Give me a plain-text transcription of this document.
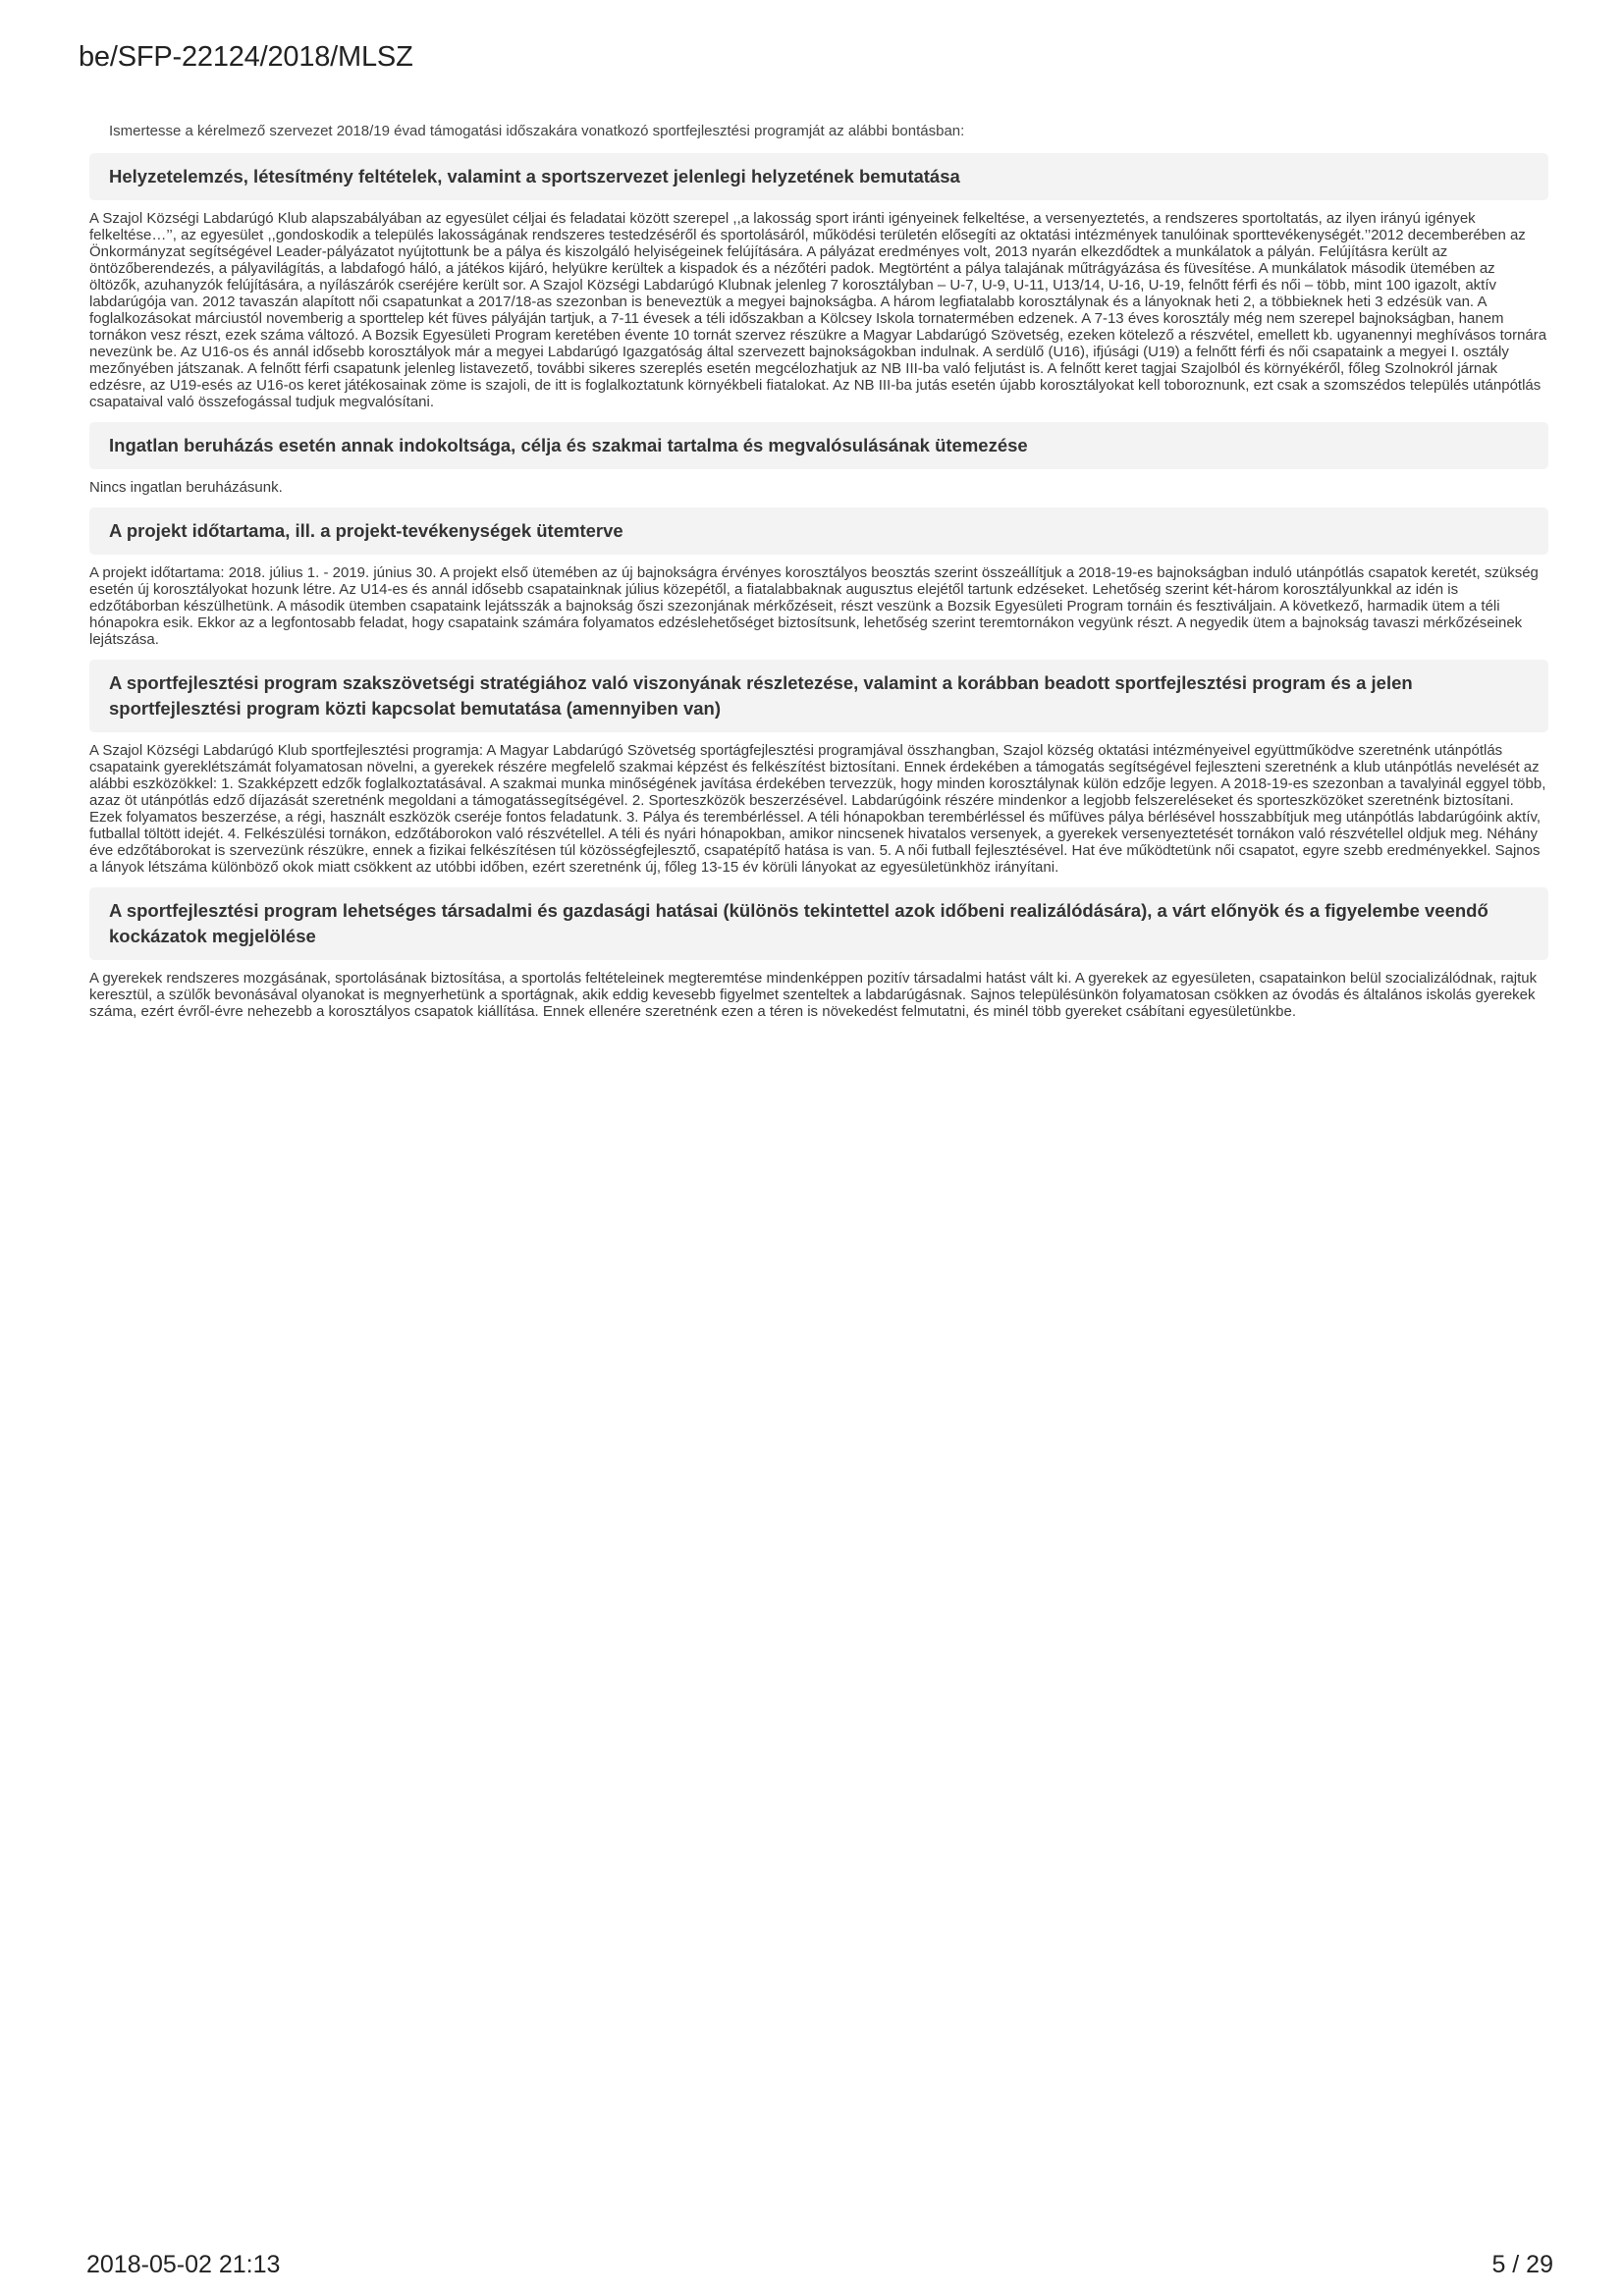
be/SFP-22124/2018/MLSZ
Ismertesse a kérelmező szervezet 2018/19 évad támogatási időszakára vonatkozó sportfejlesztési programját az alábbi bontásban:
Helyzetelemzés, létesítmény feltételek, valamint a sportszervezet jelenlegi helyzetének bemutatása
A Szajol Községi Labdarúgó Klub alapszabályában az egyesület céljai és feladatai között szerepel ,,a lakosság sport iránti igényeinek felkeltése, a versenyeztetés, a rendszeres sportoltatás, az ilyen irányú igények felkeltése…’’, az egyesület ,,gondoskodik a település lakosságának rendszeres testedzéséről és sportolásáról, működési területén elősegíti az oktatási intézmények tanulóinak sporttevékenységét.’’2012 decemberében az Önkormányzat segítségével Leader-pályázatot nyújtottunk be a pálya és kiszolgáló helyiségeinek felújítására. A pályázat eredményes volt, 2013 nyarán elkezdődtek a munkálatok a pályán. Felújításra került az öntözőberendezés, a pályavilágítás, a labdafogó háló, a játékos kijáró, helyükre kerültek a kispadok és a nézőtéri padok. Megtörtént a pálya talajának műtrágyázása és füvesítése. A munkálatok második ütemében az öltözők, azuhanyzók felújítására, a nyílászárók cseréjére került sor. A Szajol Községi Labdarúgó Klubnak jelenleg 7 korosztályban – U-7, U-9, U-11, U13/14, U-16, U-19, felnőtt férfi és női – több, mint 100 igazolt, aktív labdarúgója van. 2012 tavaszán alapított női csapatunkat a 2017/18-as szezonban is beneveztük a megyei bajnokságba. A három legfiatalabb korosztálynak és a lányoknak heti 2, a többieknek heti 3 edzésük van. A foglalkozásokat márciustól novemberig a sporttelep két füves pályáján tartjuk, a 7-11 évesek a téli időszakban a Kölcsey Iskola tornatermében edzenek. A 7-13 éves korosztály még nem szerepel bajnokságban, hanem tornákon vesz részt, ezek száma változó. A Bozsik Egyesületi Program keretében évente 10 tornát szervez részükre a Magyar Labdarúgó Szövetség, ezeken kötelező a részvétel, emellett kb. ugyanennyi meghívásos tornára nevezünk be. Az U16-os és annál idősebb korosztályok már a megyei Labdarúgó Igazgatóság által szervezett bajnokságokban indulnak. A serdülő (U16), ifjúsági (U19) a felnőtt férfi és női csapataink a megyei I. osztály mezőnyében játszanak. A felnőtt férfi csapatunk jelenleg listavezető, további sikeres szereplés esetén megcélozhatjuk az NB III-ba való feljutást is. A felnőtt keret tagjai Szajolból és környékéről, főleg Szolnokról járnak edzésre, az U19-esés az U16-os keret játékosainak zöme is szajoli, de itt is foglalkoztatunk környékbeli fiatalokat. Az NB III-ba jutás esetén újabb korosztályokat kell toboroznunk, ezt csak a szomszédos település utánpótlás csapataival való összefogással tudjuk megvalósítani.
Ingatlan beruházás esetén annak indokoltsága, célja és szakmai tartalma és megvalósulásának ütemezése
Nincs ingatlan beruházásunk.
A projekt időtartama, ill. a projekt-tevékenységek ütemterve
A projekt időtartama: 2018. július 1. - 2019. június 30. A projekt első ütemében az új bajnokságra érvényes korosztályos beosztás szerint összeállítjuk a 2018-19-es bajnokságban induló utánpótlás csapatok keretét, szükség esetén új korosztályokat hozunk létre. Az U14-es és annál idősebb csapatainknak július közepétől, a fiatalabbaknak augusztus elejétől tartunk edzéseket. Lehetőség szerint két-három korosztályunkkal az idén is edzőtáborban készülhetünk. A második ütemben csapataink lejátsszák a bajnokság őszi szezonjának mérkőzéseit, részt veszünk a Bozsik Egyesületi Program tornáin és fesztiváljain. A következő, harmadik ütem a téli hónapokra esik. Ekkor az a legfontosabb feladat, hogy csapataink számára folyamatos edzéslehetőséget biztosítsunk, lehetőség szerint teremtornákon vegyünk részt. A negyedik ütem a bajnokság tavaszi mérkőzéseinek lejátszása.
A sportfejlesztési program szakszövetségi stratégiához való viszonyának részletezése, valamint a korábban beadott sportfejlesztési program és a jelen sportfejlesztési program közti kapcsolat bemutatása (amennyiben van)
A Szajol Községi Labdarúgó Klub sportfejlesztési programja: A Magyar Labdarúgó Szövetség sportágfejlesztési programjával összhangban, Szajol község oktatási intézményeivel együttműködve szeretnénk utánpótlás csapataink gyereklétszámát folyamatosan növelni, a gyerekek részére megfelelő szakmai képzést és felkészítést biztosítani. Ennek érdekében a támogatás segítségével fejleszteni szeretnénk a klub utánpótlás nevelését az alábbi eszközökkel: 1. Szakképzett edzők foglalkoztatásával. A szakmai munka minőségének javítása érdekében tervezzük, hogy minden korosztálynak külön edzője legyen. A 2018-19-es szezonban a tavalyinál eggyel több, azaz öt utánpótlás edző díjazását szeretnénk megoldani a támogatássegítségével. 2. Sporteszközök beszerzésével. Labdarúgóink részére mindenkor a legjobb felszereléseket és sporteszközöket szeretnénk biztosítani. Ezek folyamatos beszerzése, a régi, használt eszközök cseréje fontos feladatunk. 3. Pálya és terembérléssel. A téli hónapokban terembérléssel és műfüves pálya bérlésével hosszabbítjuk meg utánpótlás labdarúgóink aktív, futballal töltött idejét. 4. Felkészülési tornákon, edzőtáborokon való részvétellel. A téli és nyári hónapokban, amikor nincsenek hivatalos versenyek, a gyerekek versenyeztetését tornákon való részvétellel oldjuk meg. Néhány éve edzőtáborokat is szervezünk részükre, ennek a fizikai felkészítésen túl közösségfejlesztő, csapatépítő hatása is van. 5. A női futball fejlesztésével. Hat éve működtetünk női csapatot, egyre szebb eredményekkel. Sajnos a lányok létszáma különböző okok miatt csökkent az utóbbi időben, ezért szeretnénk új, főleg 13-15 év körüli lányokat az egyesületünkhöz irányítani.
A sportfejlesztési program lehetséges társadalmi és gazdasági hatásai (különös tekintettel azok időbeni realizálódására), a várt előnyök és a figyelembe veendő kockázatok megjelölése
A gyerekek rendszeres mozgásának, sportolásának biztosítása, a sportolás feltételeinek megteremtése mindenképpen pozitív társadalmi hatást vált ki. A gyerekek az egyesületen, csapatainkon belül szocializálódnak, rajtuk keresztül, a szülők bevonásával olyanokat is megnyerhetünk a sportágnak, akik eddig kevesebb figyelmet szenteltek a labdarúgásnak. Sajnos településünkön folyamatosan csökken az óvodás és általános iskolás gyerekek száma, ezért évről-évre nehezebb a korosztályos csapatok kiállítása. Ennek ellenére szeretnénk ezen a téren is növekedést felmutatni, és minél több gyereket csábítani egyesületünkbe.
2018-05-02 21:13	5 / 29
